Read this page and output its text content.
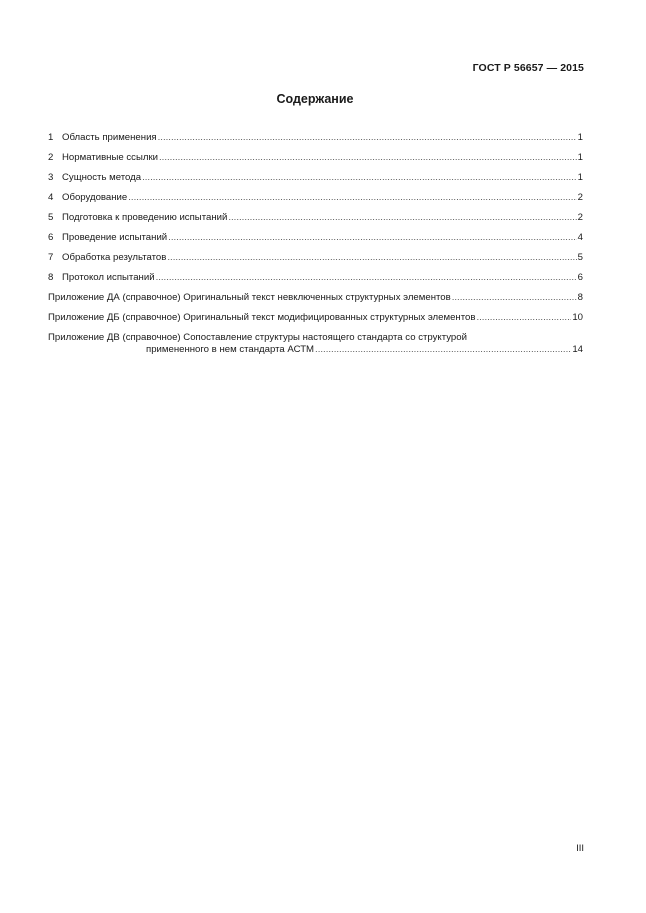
ГОСТ Р 56657 — 2015
Содержание
1 Область применения .....	1
2 Нормативные ссылки .....	1
3 Сущность метода .....	1
4 Оборудование .....	2
5 Подготовка к проведению испытаний .....	2
6 Проведение испытаний .....	4
7 Обработка результатов .....	5
8 Протокол испытаний .....	6
Приложение ДА (справочное) Оригинальный текст невключенных структурных элементов .....	8
Приложение ДБ (справочное) Оригинальный текст модифицированных структурных элементов .....	10
Приложение ДВ (справочное) Сопоставление структуры настоящего стандарта со структурой
примененного в нем стандарта АСТМ .....	14
III
